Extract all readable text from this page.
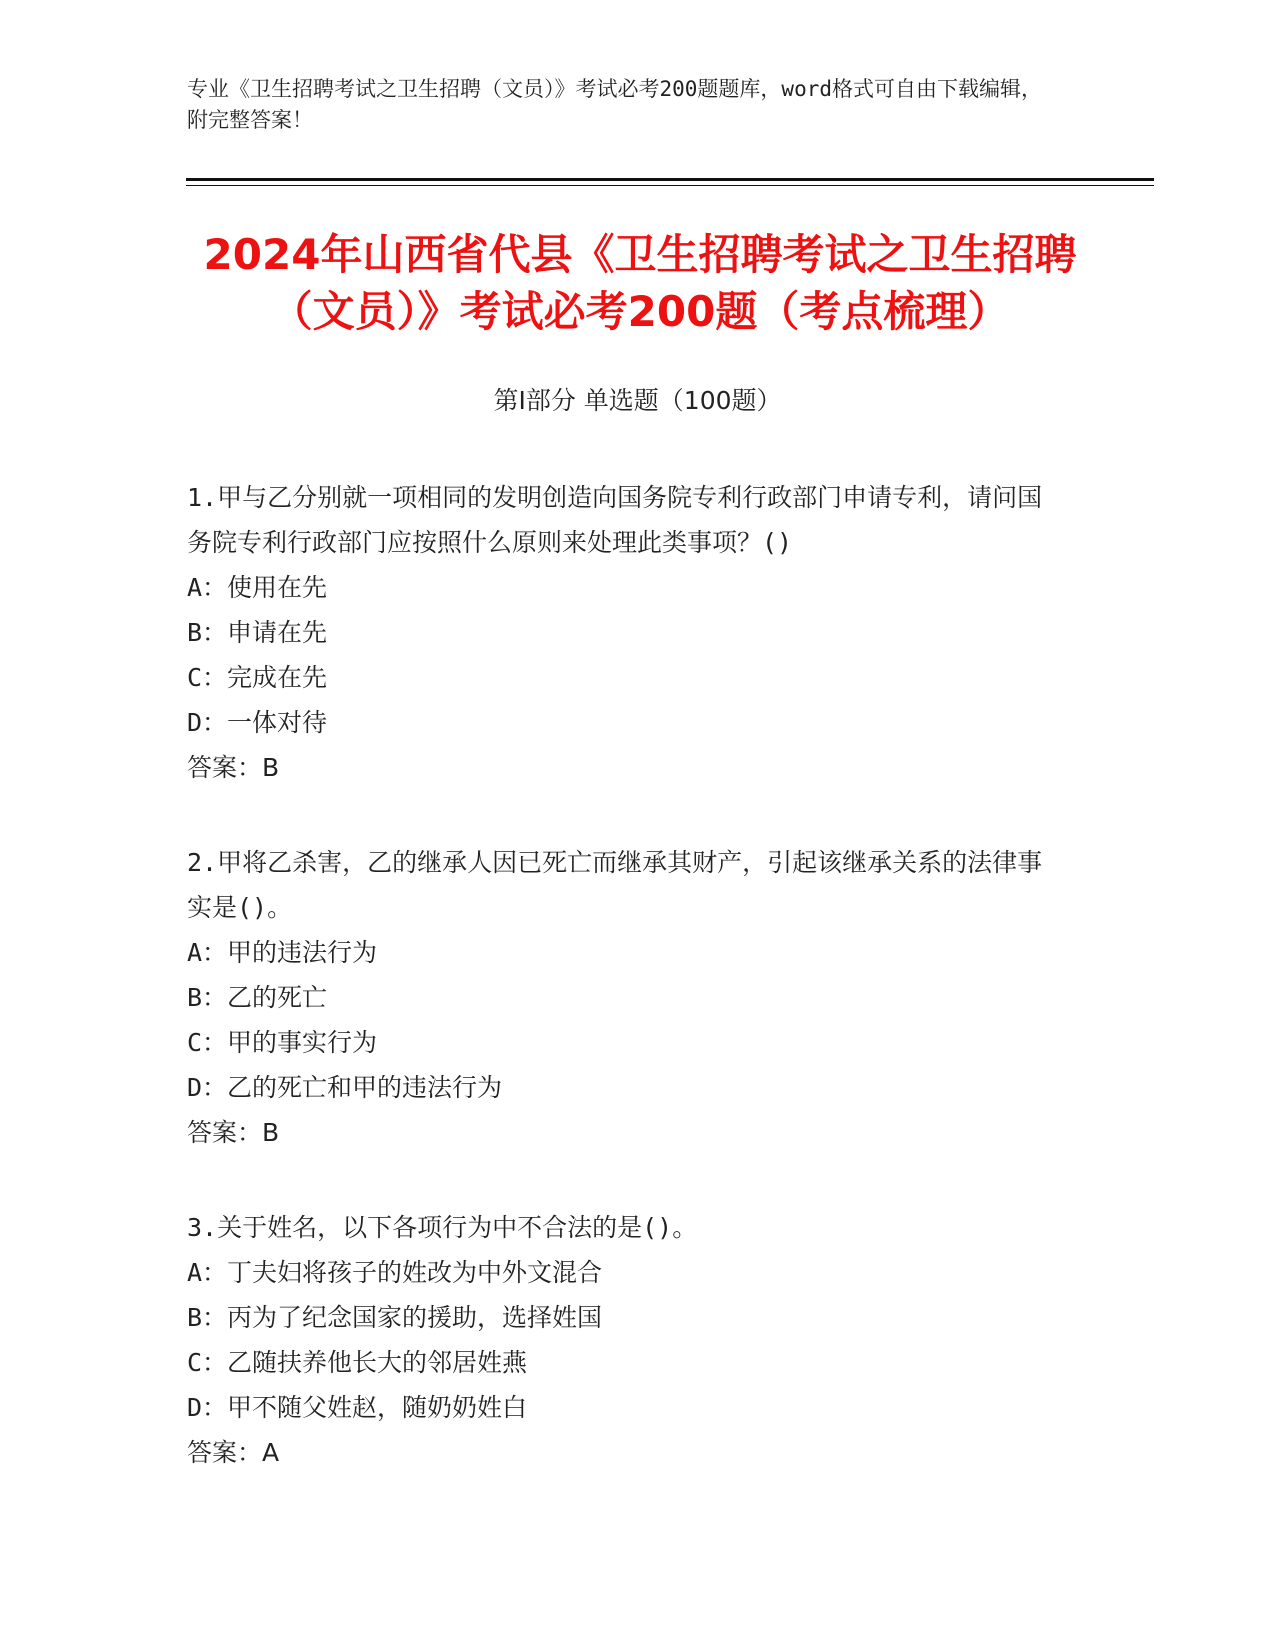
专业《卫生招聘考试之卫生招聘（文员）》考试必考200题题库，word格式可自由下载编辑，附完整答案！
2024年山西省代县《卫生招聘考试之卫生招聘（文员）》考试必考200题（考点梳理）
第I部分 单选题（100题）
1.甲与乙分别就一项相同的发明创造向国务院专利行政部门申请专利，请问国务院专利行政部门应按照什么原则来处理此类事项？()
A：使用在先
B：申请在先
C：完成在先
D：一体对待
答案：B
2.甲将乙杀害，乙的继承人因已死亡而继承其财产，引起该继承关系的法律事实是()。
A：甲的违法行为
B：乙的死亡
C：甲的事实行为
D：乙的死亡和甲的违法行为
答案：B
3.关于姓名，以下各项行为中不合法的是()。
A：丁夫妇将孩子的姓改为中外文混合
B：丙为了纪念国家的援助，选择姓国
C：乙随扶养他长大的邻居姓燕
D：甲不随父姓赵，随奶奶姓白
答案：A
